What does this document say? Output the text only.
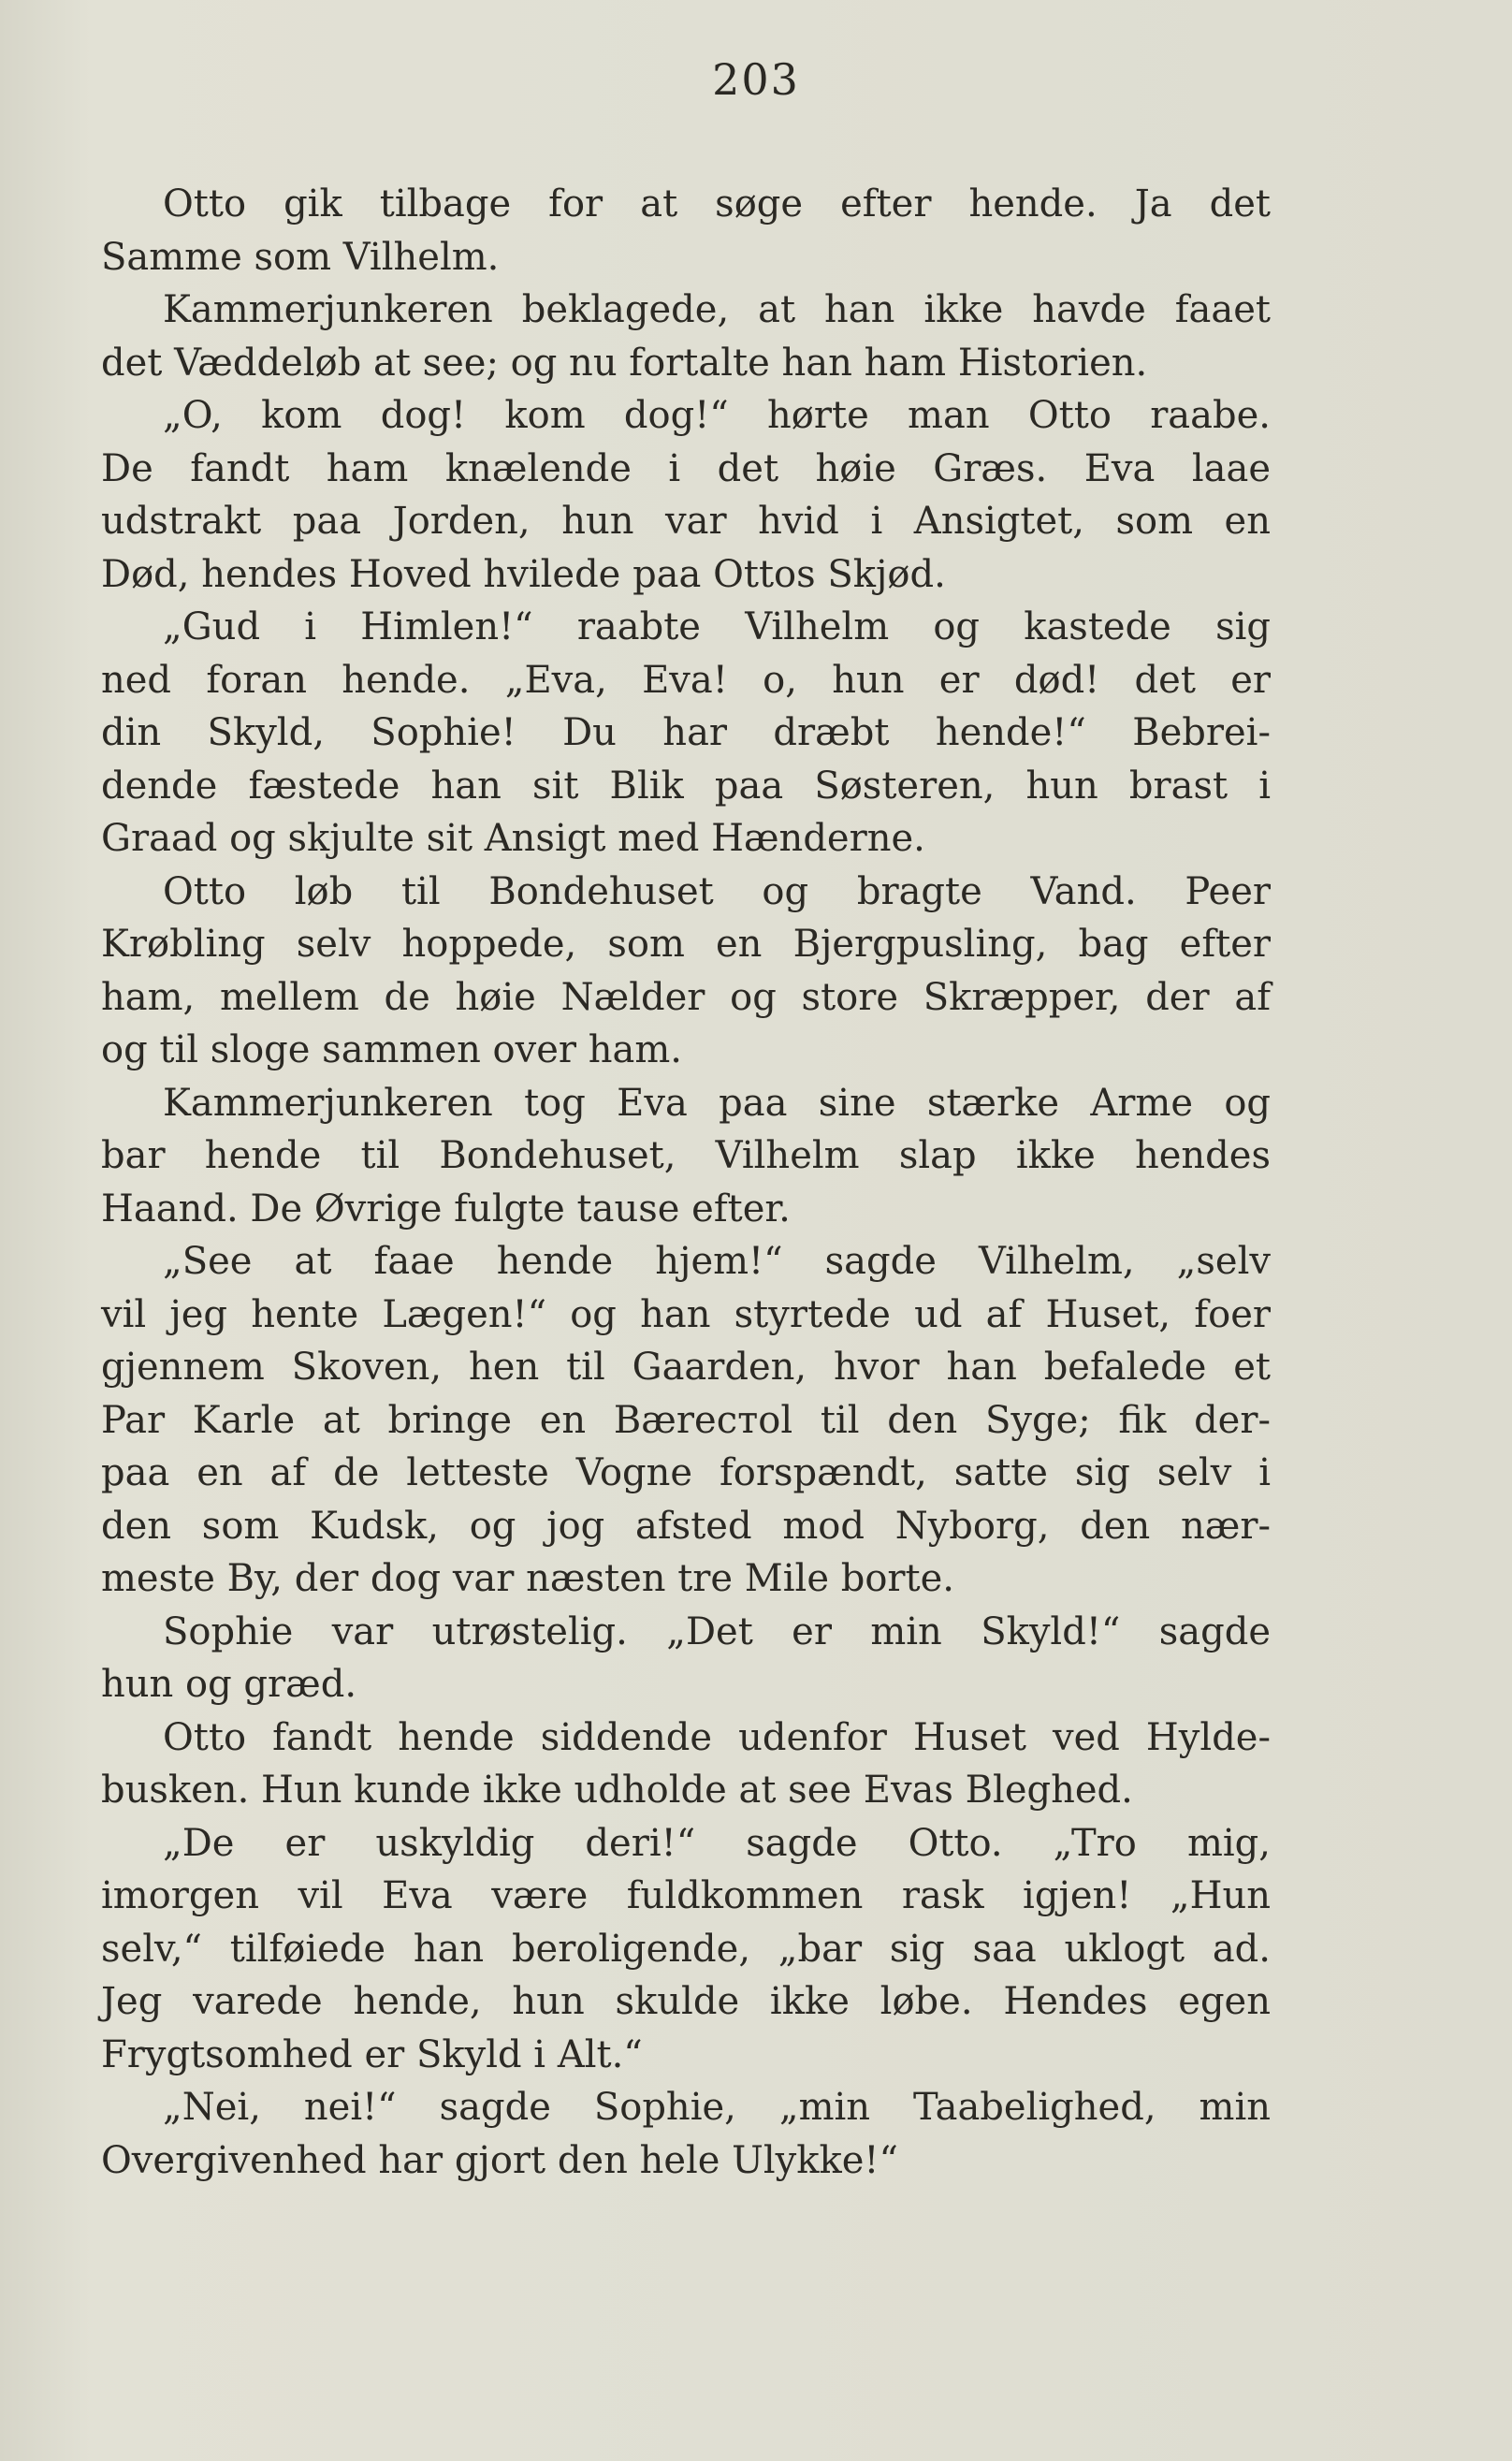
203
Otto gik tilbage for at søge efter hende. Ja det
Samme som Vilhelm.
Kammerjunkeren beklagede, at han ikke havde faaet
det Væddeløb at see; og nu fortalte han ham Historien.
„O, kom dog! kom dog!“ hørte man Otto raabe.
De fandt ham knælende i det høie Græs. Eva laae
udstrakt paa Jorden, hun var hvid i Ansigtet, som en
Død, hendes Hoved hvilede paa Ottos Skjød.
„Gud i Himlen!“ raabte Vilhelm og kastede sig
ned foran hende. „Eva, Eva! o, hun er død! det er
din Skyld, Sophie! Du har dræbt hende!“ Bebrei-
dende fæstede han sit Blik paa Søsteren, hun brast i
Graad og skjulte sit Ansigt med Hænderne.
Otto løb til Bondehuset og bragte Vand. Peer
Krøbling selv hoppede, som en Bjergpusling, bag efter
ham, mellem de høie Nælder og store Skræpper, der af
og til sloge sammen over ham.
Kammerjunkeren tog Eva paa sine stærke Arme og
bar hende til Bondehuset, Vilhelm slap ikke hendes
Haand. De Øvrige fulgte tause efter.
„See at faae hende hjem!“ sagde Vilhelm, „selv
vil jeg hente Lægen!“ og han styrtede ud af Huset, foer
gjennem Skoven, hen til Gaarden, hvor han befalede et
Par Karle at bringe en Bæreстol til den Syge; fik der-
paa en af de letteste Vogne forspændt, satte sig selv i
den som Kudsk, og jog afsted mod Nyborg, den nær-
meste By, der dog var næsten tre Mile borte.
Sophie var utrøstelig. „Det er min Skyld!“ sagde
hun og græd.
Otto fandt hende siddende udenfor Huset ved Hylde-
busken. Hun kunde ikke udholde at see Evas Bleghed.
„De er uskyldig deri!“ sagde Otto. „Tro mig,
imorgen vil Eva være fuldkommen rask igjen! „Hun
selv,“ tilføiede han beroligende, „bar sig saa uklogt ad.
Jeg varede hende, hun skulde ikke løbe. Hendes egen
Frygtsomhed er Skyld i Alt.“
„Nei, nei!“ sagde Sophie, „min Taabelighed, min
Overgivenhed har gjort den hele Ulykke!“
